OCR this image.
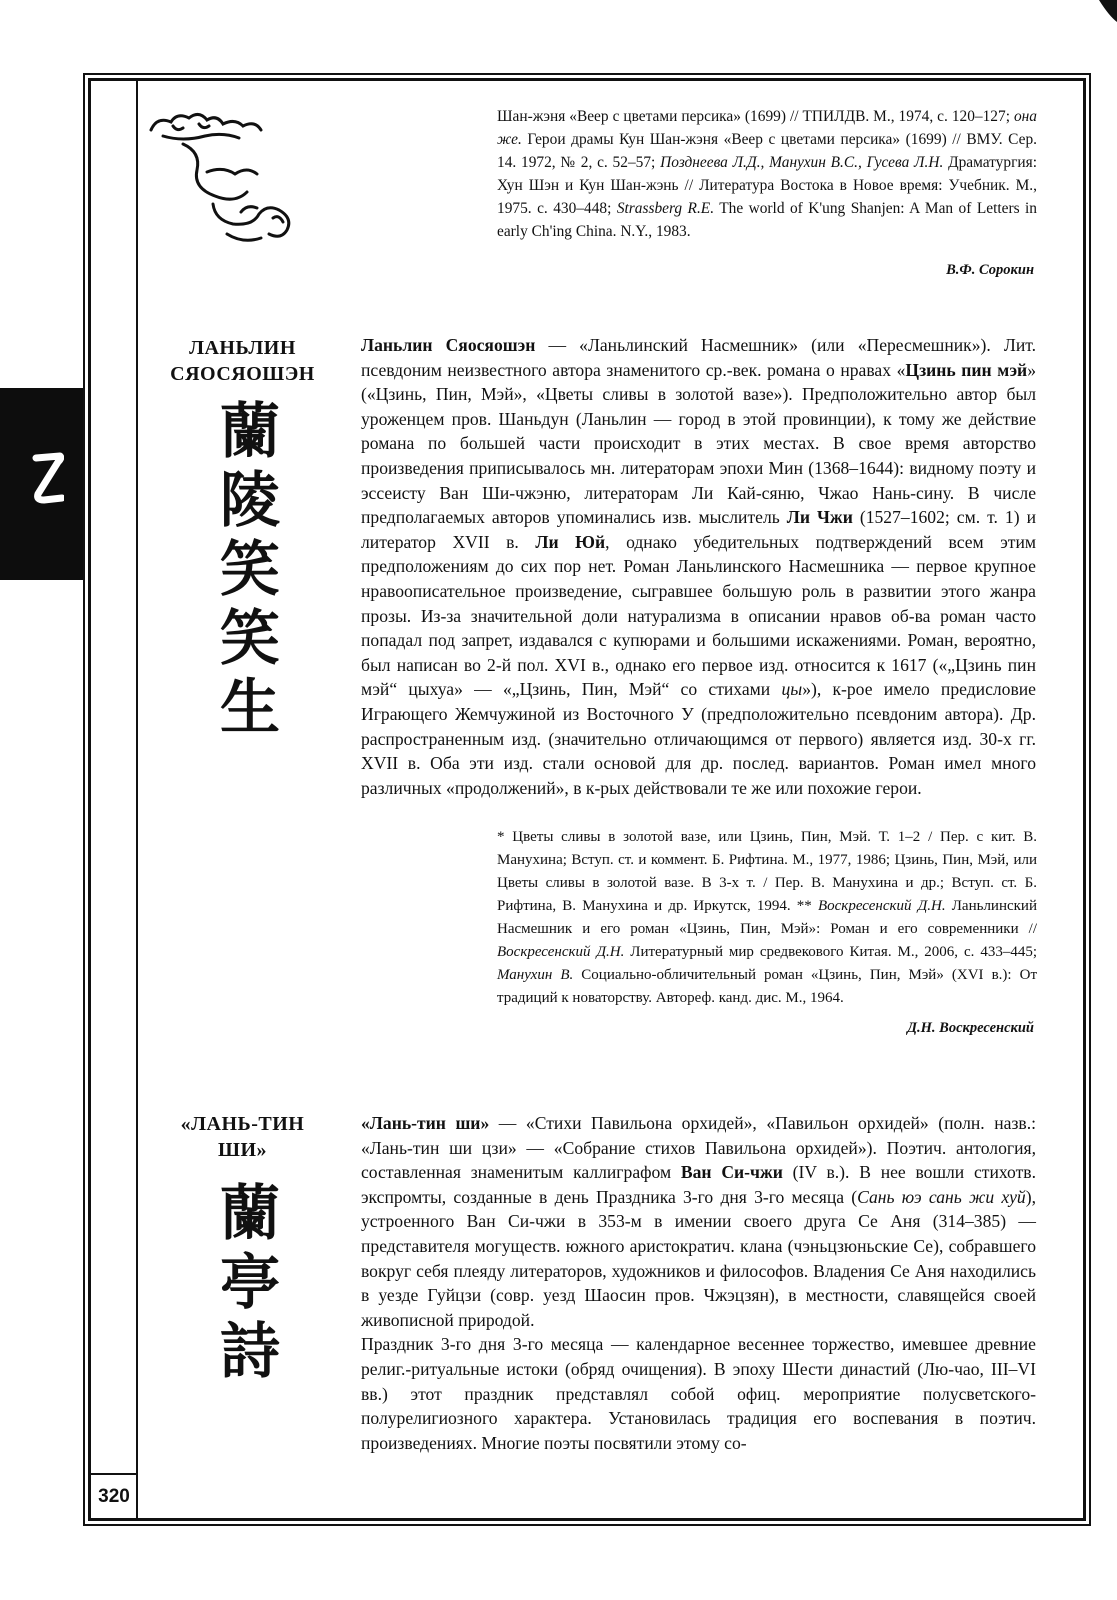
320

Шан-жэня «Веер с цветами персика» (1699) // ТПИЛДВ. М., 1974, с. 120–127; она же. Герои драмы Кун Шан-жэня «Веер с цветами персика» (1699) // ВМУ. Сер. 14. 1972, № 2, с. 52–57; Позднеева Л.Д., Манухин В.С., Гусева Л.Н. Драматургия: Хун Шэн и Кун Шан-жэнь // Литература Востока в Новое время: Учебник. М., 1975. с. 430–448; Strassberg R.E. The world of K'ung Shanjen: A Man of Letters in early Ch'ing China. N.Y., 1983.

В.Ф. Сорокин
ЛАНЬЛИН
СЯОСЯОШЭН
蘭
陵
笑
笑
生

Ланьлин Сяосяошэн — «Ланьлинский Насмешник» (или «Пересмешник»). Лит. псевдоним неизвестного автора знаменитого ср.-век. романа о нравах «Цзинь пин мэй» («Цзинь, Пин, Мэй», «Цветы сливы в золотой вазе»). Предположительно автор был уроженцем пров. Шаньдун (Ланьлин — город в этой провинции), к тому же действие романа по большей части происходит в этих местах. В свое время авторство произведения приписывалось мн. литераторам эпохи Мин (1368–1644): видному поэту и эссеисту Ван Ши-чжэню, литераторам Ли Кай-сяню, Чжао Нань-сину. В числе предполагаемых авторов упоминались изв. мыслитель Ли Чжи (1527–1602; см. т. 1) и литератор XVII в. Ли Юй, однако убедительных подтверждений всем этим предположениям до сих пор нет. Роман Ланьлинского Насмешника — первое крупное нравоописательное произведение, сыгравшее большую роль в развитии этого жанра прозы. Из-за значительной доли натурализма в описании нравов об-ва роман часто попадал под запрет, издавался с купюрами и большими искажениями. Роман, вероятно, был написан во 2-й пол. XVI в., однако его первое изд. относится к 1617 («„Цзинь пин мэй“ цыхуа» — «„Цзинь, Пин, Мэй“ со стихами цы»), к-рое имело предисловие Играющего Жемчужиной из Восточного У (предположительно псевдоним автора). Др. распространенным изд. (значительно отличающимся от первого) является изд. 30-х гг. XVII в. Оба эти изд. стали основой для др. послед. вариантов. Роман имел много различных «продолжений», в к-рых действовали те же или похожие герои.

* Цветы сливы в золотой вазе, или Цзинь, Пин, Мэй. Т. 1–2 / Пер. с кит. В. Манухина; Вступ. ст. и коммент. Б. Рифтина. М., 1977, 1986; Цзинь, Пин, Мэй, или Цветы сливы в золотой вазе. В 3-х т. / Пер. В. Манухина и др.; Вступ. ст. Б. Рифтина, В. Манухина и др. Иркутск, 1994. ** Воскресенский Д.Н. Ланьлинский Насмешник и его роман «Цзинь, Пин, Мэй»: Роман и его современники // Воскресенский Д.Н. Литературный мир средвекового Китая. М., 2006, с. 433–445; Манухин В. Социально-обличительный роман «Цзинь, Пин, Мэй» (XVI в.): От традиций к новаторству. Автореф. канд. дис. М., 1964.

Д.Н. Воскресенский
«ЛАНЬ-ТИН
ШИ»
蘭
亭
詩

«Лань-тин ши» — «Стихи Павильона орхидей», «Павильон орхидей» (полн. назв.: «Лань-тин ши цзи» — «Собрание стихов Павильона орхидей»). Поэтич. антология, составленная знаменитым каллиграфом Ван Си-чжи (IV в.). В нее вошли стихотв. экспромты, созданные в день Праздника 3-го дня 3-го месяца (Сань юэ сань жи хуй), устроенного Ван Си-чжи в 353-м в имении своего друга Се Аня (314–385) — представителя могуществ. южного аристократич. клана (чэньцзюньские Се), собравшего вокруг себя плеяду литераторов, художников и философов. Владения Се Аня находились в уезде Гуйцзи (совр. уезд Шаосин пров. Чжэцзян), в местности, славящейся своей живописной природой.
Праздник 3-го дня 3-го месяца — календарное весеннее торжество, имевшее древние религ.-ритуальные истоки (обряд очищения). В эпоху Шести династий (Лю-чао, III–VI вв.) этот праздник представлял собой офиц. мероприятие полусветского-полурелигиозного характера. Установилась традиция его воспевания в поэтич. произведениях. Многие поэты посвятили этому со-
